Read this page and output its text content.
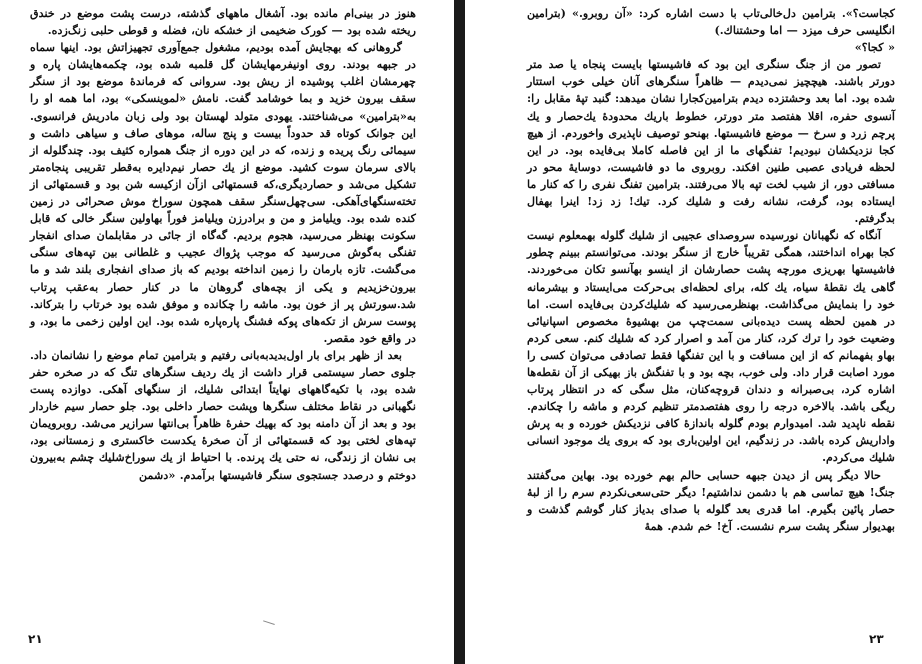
هنوز در بینی‌ام مانده بود. آشغال ماههای گذشته، درست پشت موضع در خندق ریخته شده بود — کورک ضخیمی از خشکه نان، فضله و قوطی حلبی زنگ‌زده.

گروهانی که بهجایش آمده بودیم، مشغول جمع‌آوری تجهیزاتش بود. اینها سماه در جبهه بودند. روی اونیفرمهایشان گل قلمبه شده بود، چکمه‌هایشان پاره و چهرمشان اغلب پوشیده از ریش بود. سروانی که فرماندهٔ موضع بود از سنگر سقف بیرون خزید و بما خوشامد گفت. نامش «لموینسکی» بود، اما همه او را به«بترامین» می‌شناختند. یهودی متولد لهستان بود ولی زبان مادریش فرانسوی. این جوانک کوتاه قد حدوداً بیست و پنج ساله، موهای صاف و سیاهی داشت و سیمائی رنگ پریده و زنده، که در این دوره از جنگ همواره کثیف بود. چندگلوله از بالای سرمان سوت کشید. موضع از یك حصار نیم‌دایره به‌قطر تقریبی پنجاه‌متر تشکیل می‌شد و حصاردیگری،که قسمتهائی ازآن ازکیسه شن بود و قسمتهائی از تخته‌سنگهای‌آهکی. سی‌چهل‌سنگر سقف همچون سوراخ موش صحرائی در زمین کنده شده بود. ویلیامز و من و برادرزن ویلیامز فوراً بهاولین سنگر خالی که قابل سکونت بهنظر می‌رسید، هجوم بردیم. گه‌گاه از جائی در مقابلمان صدای انفجار تفنگی به‌گوش می‌رسید که موجب پژواك عجیب و غلطانی بین تپه‌های سنگی می‌گشت. تازه بارمان را زمین انداخته بودیم که باز صدای انفجاری بلند شد و ما بیرون‌خزیدیم و یکی از بچه‌های گروهان ما در کنار حصار به‌عقب پرتاب شد.سورتش پر از خون بود. ماشه را چکانده و موفق شده بود خرتاب را بترکاند. پوست سرش از تکه‌های پوکه فشنگ پاره‌پاره شده بود. این اولین زخمی ما بود، و در واقع خود مقصر.

بعد از ظهر برای بار اول‌بدیدبه‌بانی رفتیم و بترامین تمام موضع را نشانمان داد. جلوی حصار سیستمی قرار داشت از یك ردیف سنگرهای تنگ که در صخره حفر شده بود، با تکیه‌گاههای نهایتاً ابتدائی شلیك، از سنگهای آهکی. دوازده پست نگهبانی در نقاط مختلف سنگرها وپشت حصار داخلی بود. جلو حصار سیم خاردار بود و بعد از آن دامنه بود که بهیك حفرهٔ ظاهراً بی‌انتها سرازیر می‌شد. روبرویمان تپه‌های لختی بود که قسمتهائی از آن صخرهٔ یکدست خاکستری و زمستانی بود، بی نشان از زندگی، نه حتی یك پرنده. با احتیاط از یك سوراخ‌شلیك چشم به‌بیرون دوختم و درصدد جستجوی سنگر فاشیستها برآمدم. «دشمن

۲۱

کجاست؟». بترامین دل‌خالی‌تاب با دست اشاره کرد: «آن روبرو.» (بترامین انگلیسی حرف میزد — اما وحشتناك.)

« کجا؟»

تصور من از جنگ سنگری این بود که فاشیستها بایست پنجاه یا صد متر دورتر باشند. هیچچیز نمی‌دیدم — ظاهراً سنگرهای آنان خیلی خوب استتار شده بود. اما بعد وحشتزده دیدم بترامین‌کجارا نشان میدهد: گنبد تپهٔ مقابل را: آنسوی حفره، اقلا هفتصد متر دورتر، خطوط باریك محدودهٔ یك‌حصار و یك پرچم زرد و سرخ — موضع فاشیستها. بهنحو توصیف ناپذیری وا‌خوردم. از هیچ کجا نزدیکشان نبودیم! تفنگهای ما از این فاصله کاملا بی‌فایده بود. در این لحظه فریادی عصبی طنین افکند. روبروی ما دو فاشیست، دوسایهٔ محو در مسافتی دور، از شیب لخت تپه بالا می‌رفتند. بترامین تفنگ نفری را که کنار ما ایستاده بود، گرفت، نشانه رفت و شلیك کرد. تیك! زد زد! اینرا بهفال بدگرفتم.

آنگاه که نگهبانان نورسیده سروصدای عجیبی از شلیك گلوله بهمعلوم نیست کجا بهراه انداختند، همگی تقریباً خارج از سنگر بودند. می‌توانستم ببینم چطور فاشیستها بهریزی مورچه پشت حصارشان از اینسو بهآنسو تکان می‌خوردند. گاهی یك نقطهٔ سیاه، یك کله، برای لحظه‌ای بی‌حرکت می‌ایستاد و بیشرمانه خود را بنمایش می‌گذاشت. بهنظرمی‌رسید که شلیك‌کردن بی‌فایده است. اما در همین لحظه پست دیده‌بانی سمت‌چپ من بهشیوهٔ مخصوص اسپانیائی وضعیت خود را ترك کرد، کنار من آمد و اصرار کرد که شلیك کنم. سعی کردم بهاو بفهمانم که از این مسافت و با این تفنگها فقط تصادفی می‌توان کسی را مورد اصابت قرار داد. ولی خوب، بچه بود و با تفنگش باز بهیکی از آن نقطه‌ها اشاره کرد، بی‌صبرانه و دندان قروچه‌کنان، مثل سگی که در انتظار پرتاب ریگی باشد. بالاخره درجه را روی هفتصدمتر تنظیم کردم و ماشه را چکاندم. نقطه ناپدید شد. امیدوارم بودم گلوله باندازهٔ کافی نزدیکش خورده و به پرش واداریش کرده باشد. در زندگیم، این اولین‌باری بود که بروی یك موجود انسانی شلیك می‌کردم.

حالا دیگر پس از دیدن جبهه حسابی حالم بهم خورده بود. بهاین می‌گفتند جنگ! هیچ تماسی هم با دشمن نداشتیم! دیگر حتی‌سعی‌نکردم سرم را از لبهٔ حصار پائین بگیرم. اما قدری بعد گلوله با صدای بدیاز کنار گوشم گذشت و بهدیوار سنگر پشت سرم نشست. آخ! خم شدم. همهٔ

۲۳
